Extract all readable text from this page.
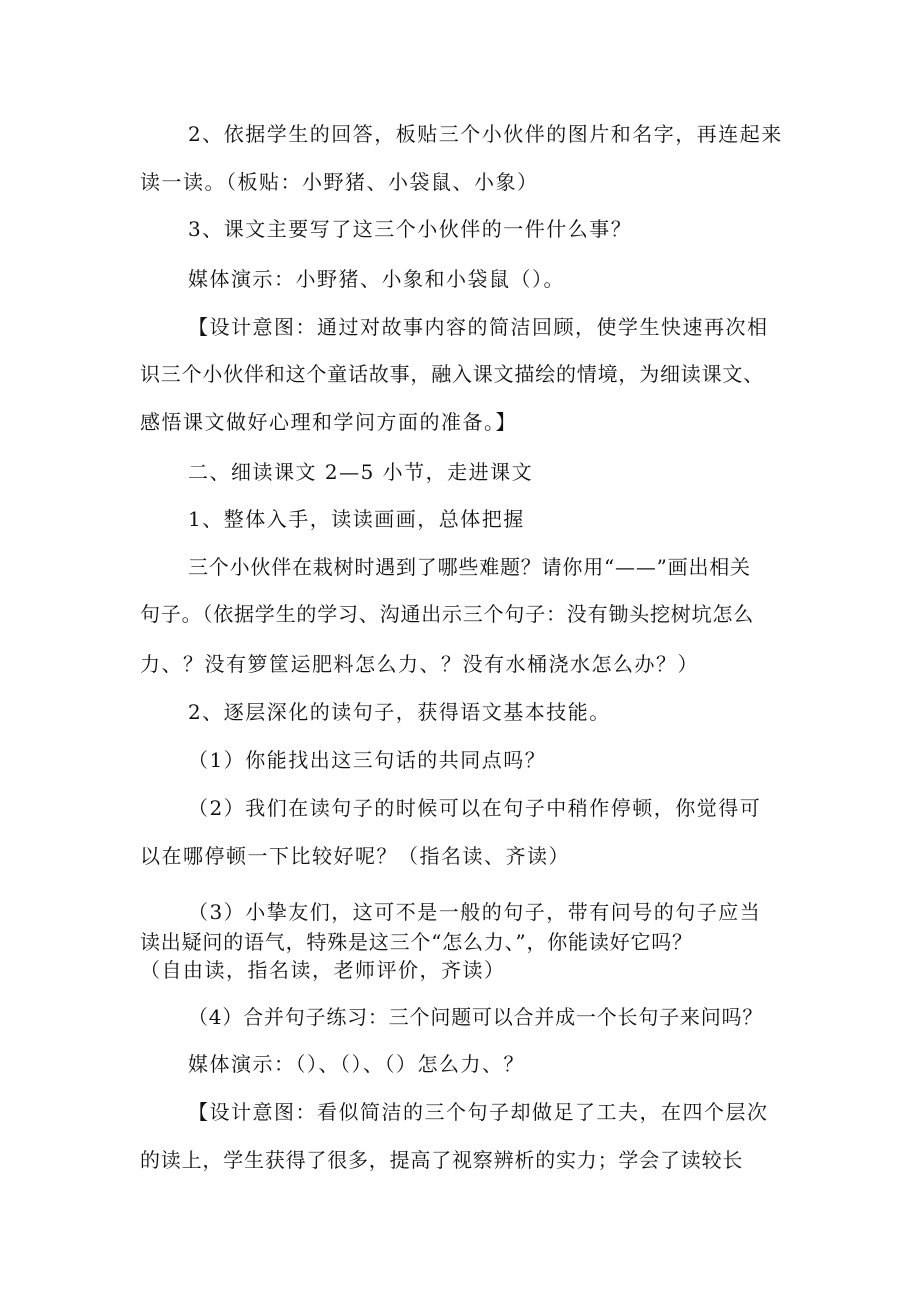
2、依据学生的回答，板贴三个小伙伴的图片和名字，再连起来
读一读。（板贴：小野猪、小袋鼠、小象）
3、课文主要写了这三个小伙伴的一件什么事？
媒体演示：小野猪、小象和小袋鼠（）。
【设计意图：通过对故事内容的简洁回顾，使学生快速再次相
识三个小伙伴和这个童话故事，融入课文描绘的情境，为细读课文、
感悟课文做好心理和学问方面的准备。】
二、细读课文 2—5 小节，走进课文
1、整体入手，读读画画，总体把握
三个小伙伴在栽树时遇到了哪些难题？请你用“——”画出相关
句子。（依据学生的学习、沟通出示三个句子：没有锄头挖树坑怎么
力、？没有箩筐运肥料怎么力、？没有水桶浇水怎么办？）
2、逐层深化的读句子，获得语文基本技能。
（1）你能找出这三句话的共同点吗？
（2）我们在读句子的时候可以在句子中稍作停顿，你觉得可
以在哪停顿一下比较好呢？（指名读、齐读）
（3）小挚友们，这可不是一般的句子，带有问号的句子应当
读出疑问的语气，特殊是这三个“怎么力、”，你能读好它吗？
（自由读，指名读，老师评价，齐读）
（4）合并句子练习：三个问题可以合并成一个长句子来问吗？
媒体演示：（）、（）、（）怎么力、？
【设计意图：看似简洁的三个句子却做足了工夫，在四个层次
的读上，学生获得了很多，提高了视察辨析的实力；学会了读较长
